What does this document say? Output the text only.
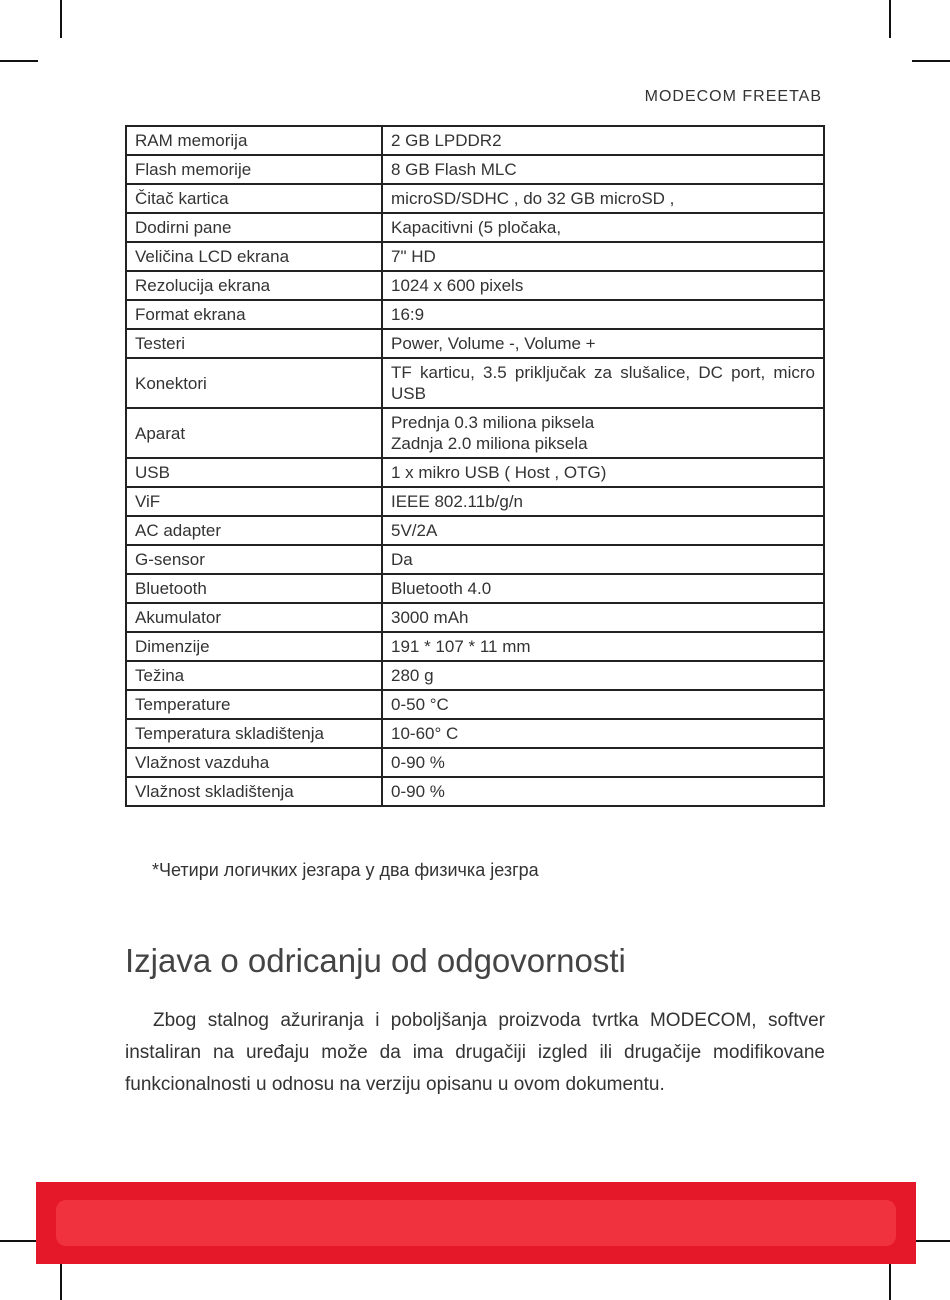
MODECOM FREETAB
RAM memorija	2 GB LPDDR2
Flash memorije	8 GB Flash MLC
Čitač kartica	microSD/SDHC , do 32 GB microSD ,
Dodirni pane	Kapacitivni (5 pločaka,
Veličina LCD ekrana	7" HD
Rezolucija ekrana	1024 x 600 pixels
Format ekrana	16:9
Testeri	Power, Volume -, Volume +
Konektori	TF karticu, 3.5 priključak za slušalice, DC port, micro USB
Aparat	Prednja 0.3 miliona piksela
Zadnja 2.0 miliona piksela

USB	1 x mikro USB ( Host , OTG)
ViF	IEEE 802.11b/g/n
AC adapter	5V/2A
G-sensor	Da
Bluetooth	Bluetooth 4.0
Akumulator	3000 mAh
Dimenzije	191 * 107 * 11 mm
Težina	280 g
Temperature	0-50 °C
Temperatura skladištenja	10-60° C
Vlažnost vazduha	0-90 %
Vlažnost skladištenja	0-90 %
*Четири логичких језгара у два физичка језгра
Izjava o odricanju od odgovornosti

Zbog stalnog ažuriranja i poboljšanja proizvoda tvrtka MODECOM, softver instaliran na uređaju može da ima drugačiji izgled ili drugačije modifikovane funkcionalnosti u odnosu na verziju opisanu u ovom dokumentu.
